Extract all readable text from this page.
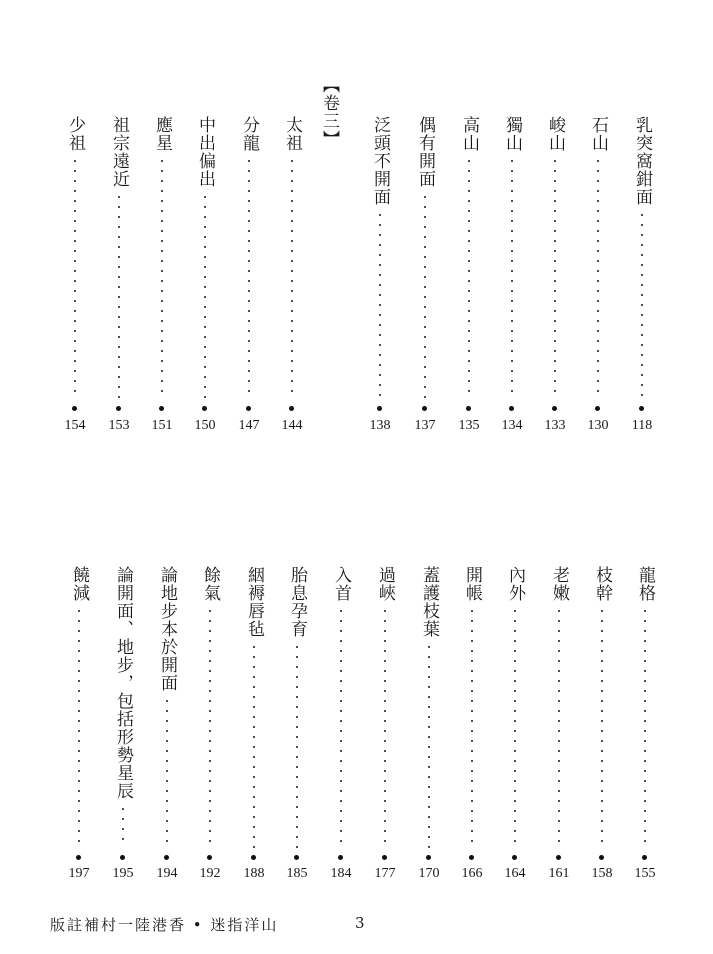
【卷三】
乳突窩鉗面
118
石山
130
峻山
133
獨山
134
高山
135
偶有開面
137
泛頭不開面
138
太祖
144
分龍
147
中出偏出
150
應星
151
祖宗遠近
153
少祖
154
龍格
155
枝幹
158
老嫩
161
內外
164
開帳
166
蓋護枝葉
170
過峽
177
入首
184
胎息孕育
185
絪褥唇毡
188
餘氣
192
論地步本於開面
194
論開面、地步，包括形勢星辰
195
饒減
197
版註補村一陸港香 • 迷指洋山	3
